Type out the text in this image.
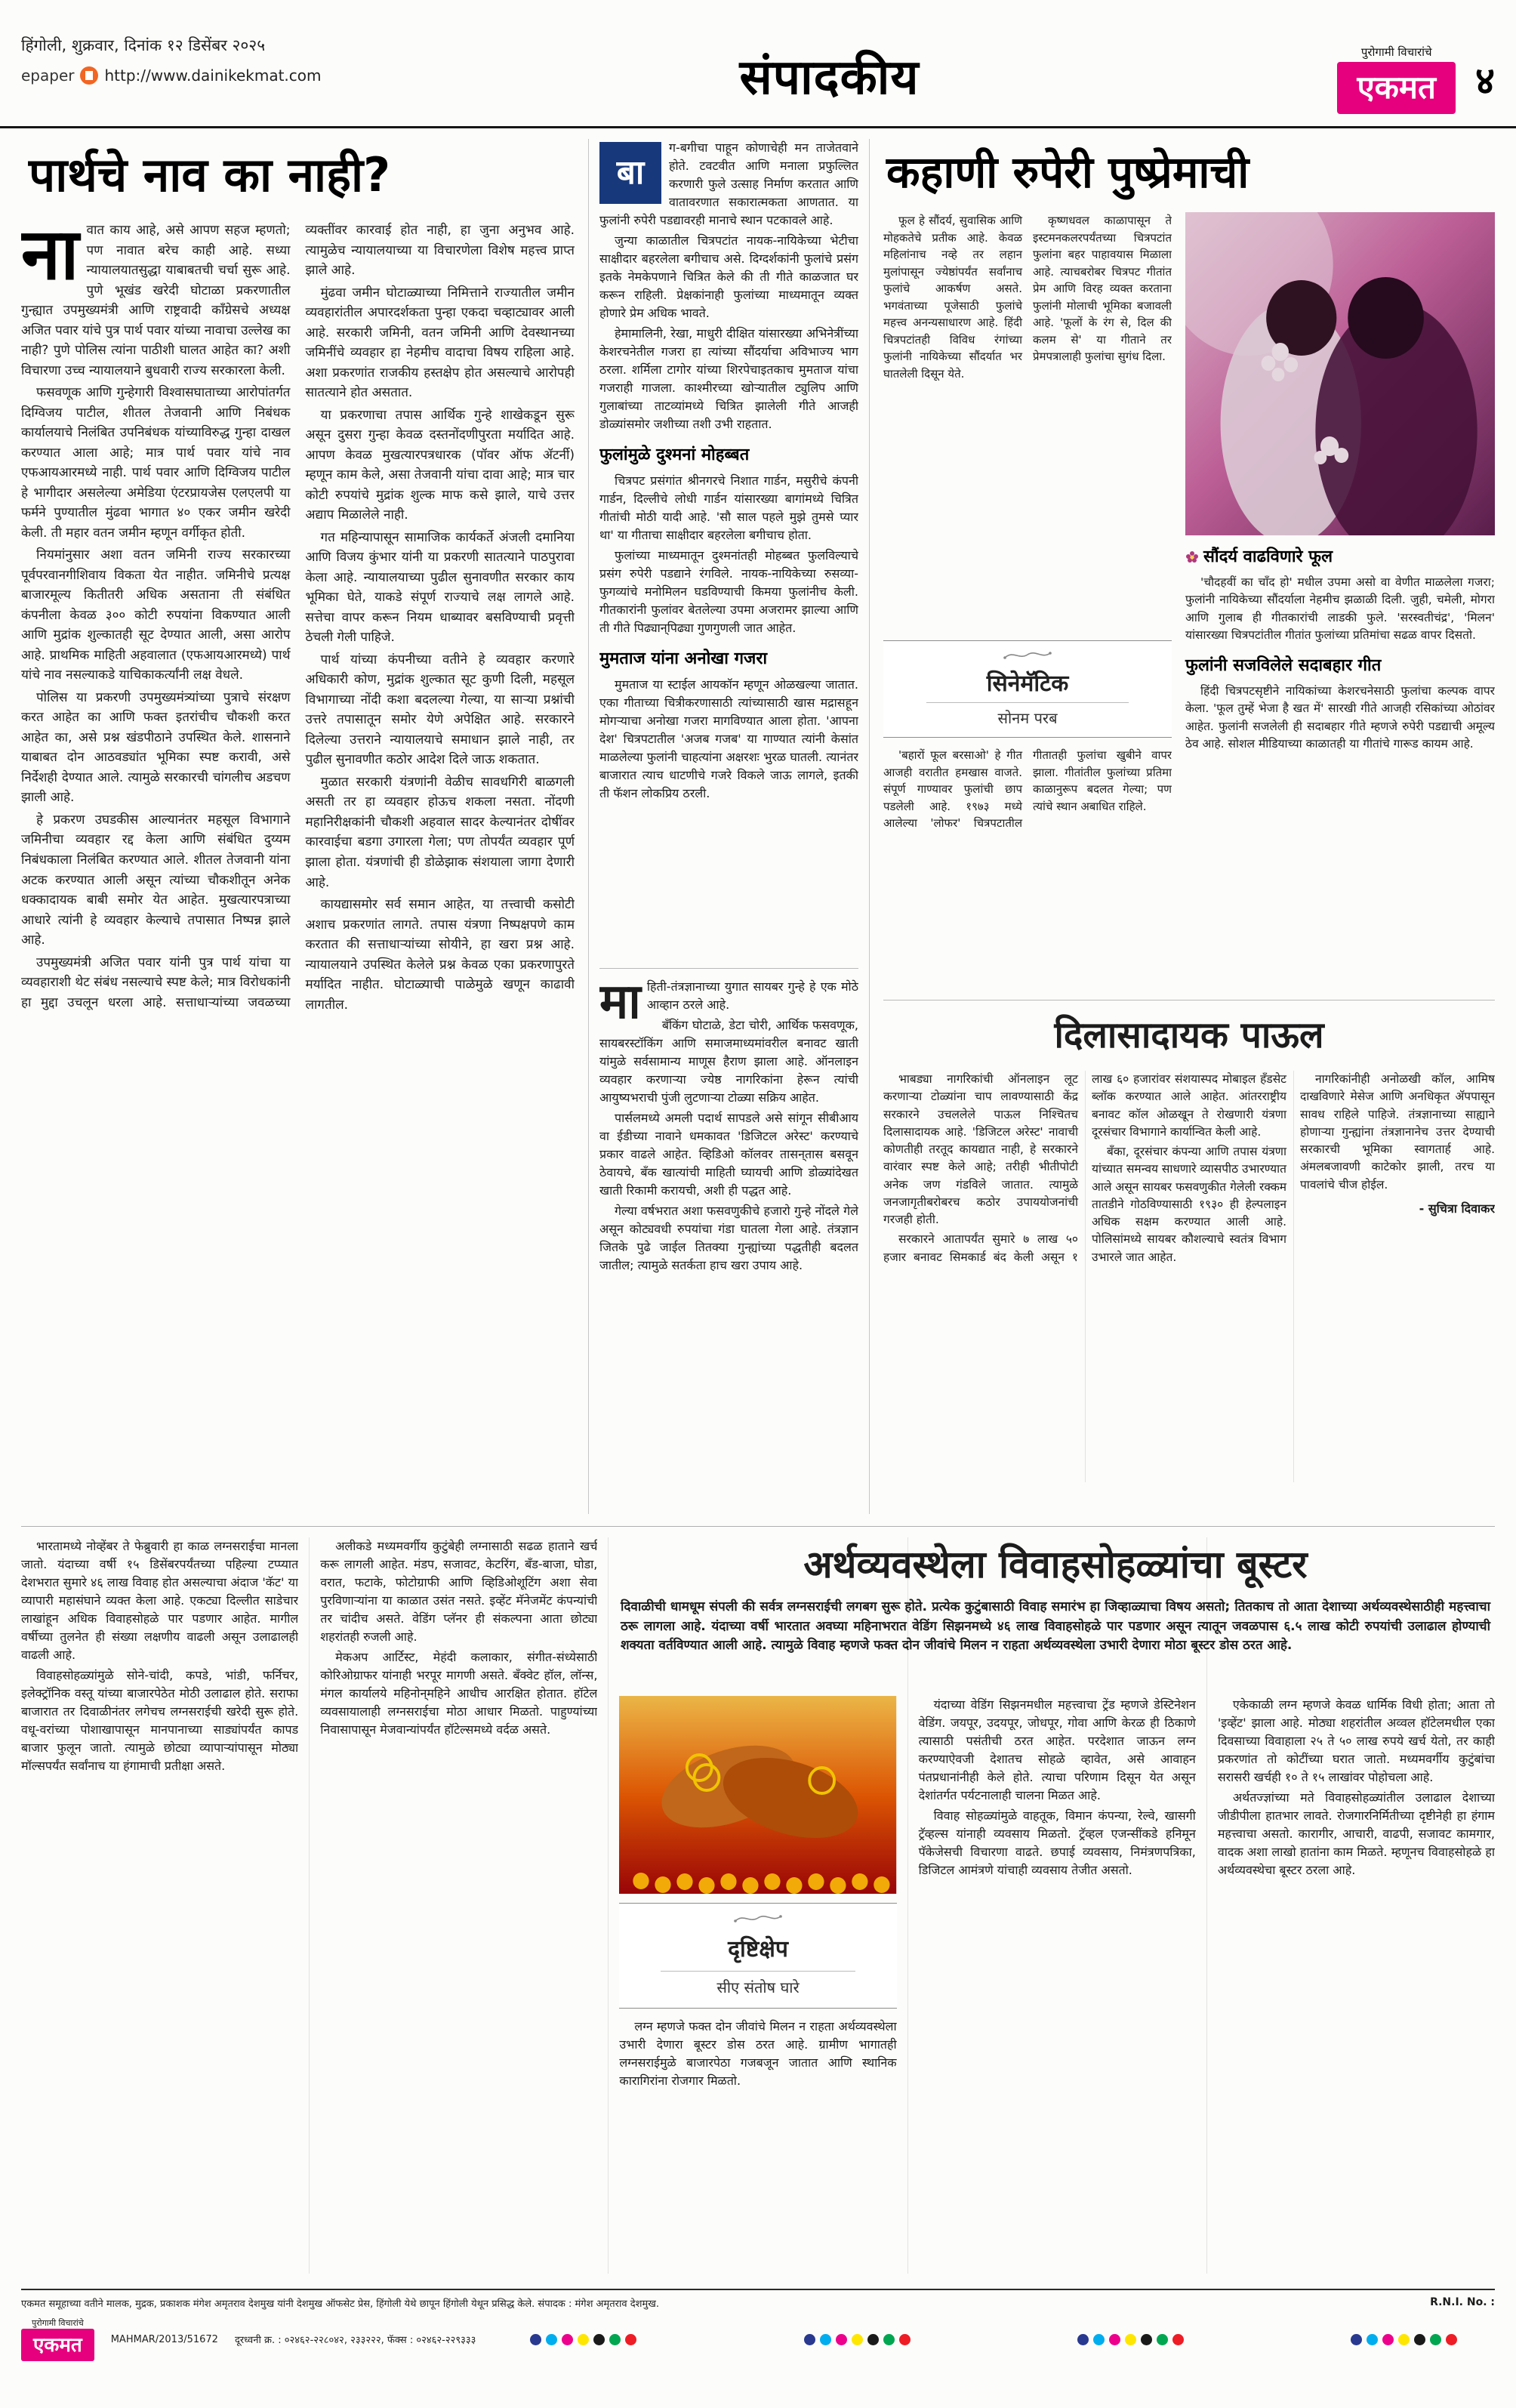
हिंगोली, शुक्रवार, दिनांक १२ डिसेंबर २०२५
epaper http://www.dainikekmat.com	संपादकीय	पुरोगामी विचारांचे
एकमत	४
पार्थचे नाव का नाही?

नावात काय आहे, असे आपण सहज म्हणतो; पण नावात बरेच काही आहे. सध्या न्यायालयातसुद्धा याबाबतची चर्चा सुरू आहे. पुणे भूखंड खरेदी घोटाळा प्रकरणातील गुन्ह्यात उपमुख्यमंत्री आणि राष्ट्रवादी काँग्रेसचे अध्यक्ष अजित पवार यांचे पुत्र पार्थ पवार यांच्या नावाचा उल्लेख का नाही? पुणे पोलिस त्यांना पाठीशी घालत आहेत का? अशी विचारणा उच्च न्यायालयाने बुधवारी राज्य सरकारला केली.

फसवणूक आणि गुन्हेगारी विश्वासघाताच्या आरोपांतर्गत दिग्विजय पाटील, शीतल तेजवानी आणि निबंधक कार्यालयाचे निलंबित उपनिबंधक यांच्याविरुद्ध गुन्हा दाखल करण्यात आला आहे; मात्र पार्थ पवार यांचे नाव एफआयआरमध्ये नाही. पार्थ पवार आणि दिग्विजय पाटील हे भागीदार असलेल्या अमेडिया एंटरप्रायजेस एलएलपी या फर्मने पुण्यातील मुंढवा भागात ४० एकर जमीन खरेदी केली. ती महार वतन जमीन म्हणून वर्गीकृत होती.

नियमांनुसार अशा वतन जमिनी राज्य सरकारच्या पूर्वपरवानगीशिवाय विकता येत नाहीत. जमिनीचे प्रत्यक्ष बाजारमूल्य कितीतरी अधिक असताना ती संबंधित कंपनीला केवळ ३०० कोटी रुपयांना विकण्यात आली आणि मुद्रांक शुल्कातही सूट देण्यात आली, असा आरोप आहे. प्राथमिक माहिती अहवालात (एफआयआरमध्ये) पार्थ यांचे नाव नसल्याकडे याचिकाकर्त्यांनी लक्ष वेधले.

पोलिस या प्रकरणी उपमुख्यमंत्र्यांच्या पुत्राचे संरक्षण करत आहेत का आणि फक्त इतरांचीच चौकशी करत आहेत का, असे प्रश्न खंडपीठाने उपस्थित केले. शासनाने याबाबत दोन आठवड्यांत भूमिका स्पष्ट करावी, असे निर्देशही देण्यात आले. त्यामुळे सरकारची चांगलीच अडचण झाली आहे.

हे प्रकरण उघडकीस आल्यानंतर महसूल विभागाने जमिनीचा व्यवहार रद्द केला आणि संबंधित दुय्यम निबंधकाला निलंबित करण्यात आले. शीतल तेजवानी यांना अटक करण्यात आली असून त्यांच्या चौकशीतून अनेक धक्कादायक बाबी समोर येत आहेत. मुखत्यारपत्राच्या आधारे त्यांनी हे व्यवहार केल्याचे तपासात निष्पन्न झाले आहे.

उपमुख्यमंत्री अजित पवार यांनी पुत्र पार्थ यांचा या व्यवहाराशी थेट संबंध नसल्याचे स्पष्ट केले; मात्र विरोधकांनी हा मुद्दा उचलून धरला आहे. सत्ताधाऱ्यांच्या जवळच्या व्यक्तींवर कारवाई होत नाही, हा जुना अनुभव आहे. त्यामुळेच न्यायालयाच्या या विचारणेला विशेष महत्त्व प्राप्त झाले आहे.

मुंढवा जमीन घोटाळ्याच्या निमित्ताने राज्यातील जमीन व्यवहारांतील अपारदर्शकता पुन्हा एकदा चव्हाट्यावर आली आहे. सरकारी जमिनी, वतन जमिनी आणि देवस्थानच्या जमिनींचे व्यवहार हा नेहमीच वादाचा विषय राहिला आहे. अशा प्रकरणांत राजकीय हस्तक्षेप होत असल्याचे आरोपही सातत्याने होत असतात.

या प्रकरणाचा तपास आर्थिक गुन्हे शाखेकडून सुरू असून दुसरा गुन्हा केवळ दस्तनोंदणीपुरता मर्यादित आहे. आपण केवळ मुखत्यारपत्रधारक (पॉवर ऑफ ॲटर्नी) म्हणून काम केले, असा तेजवानी यांचा दावा आहे; मात्र चार कोटी रुपयांचे मुद्रांक शुल्क माफ कसे झाले, याचे उत्तर अद्याप मिळालेले नाही.

गत महिन्यापासून सामाजिक कार्यकर्ते अंजली दमानिया आणि विजय कुंभार यांनी या प्रकरणी सातत्याने पाठपुरावा केला आहे. न्यायालयाच्या पुढील सुनावणीत सरकार काय भूमिका घेते, याकडे संपूर्ण राज्याचे लक्ष लागले आहे. सत्तेचा वापर करून नियम धाब्यावर बसविण्याची प्रवृत्ती ठेचली गेली पाहिजे.

पार्थ यांच्या कंपनीच्या वतीने हे व्यवहार करणारे अधिकारी कोण, मुद्रांक शुल्कात सूट कुणी दिली, महसूल विभागाच्या नोंदी कशा बदलल्या गेल्या, या साऱ्या प्रश्नांची उत्तरे तपासातून समोर येणे अपेक्षित आहे. सरकारने दिलेल्या उत्तराने न्यायालयाचे समाधान झाले नाही, तर पुढील सुनावणीत कठोर आदेश दिले जाऊ शकतात.

मुळात सरकारी यंत्रणांनी वेळीच सावधगिरी बाळगली असती तर हा व्यवहार होऊच शकला नसता. नोंदणी महानिरीक्षकांनी चौकशी अहवाल सादर केल्यानंतर दोषींवर कारवाईचा बडगा उगारला गेला; पण तोपर्यंत व्यवहार पूर्ण झाला होता. यंत्रणांची ही डोळेझाक संशयाला जागा देणारी आहे.

कायद्यासमोर सर्व समान आहेत, या तत्त्वाची कसोटी अशाच प्रकरणांत लागते. तपास यंत्रणा निष्पक्षपणे काम करतात की सत्ताधाऱ्यांच्या सोयीने, हा खरा प्रश्न आहे. न्यायालयाने उपस्थित केलेले प्रश्न केवळ एका प्रकरणापुरते मर्यादित नाहीत. घोटाळ्याची पाळेमुळे खणून काढावी लागतील.

बा
ग-बगीचा पाहून कोणाचेही मन ताजेतवाने होते. टवटवीत आणि मनाला प्रफुल्लित करणारी फुले उत्साह निर्माण करतात आणि वातावरणात सकारात्मकता आणतात. या फुलांनी रुपेरी पडद्यावरही मानाचे स्थान पटकावले आहे.

जुन्या काळातील चित्रपटांत नायक-नायिकेच्या भेटीचा साक्षीदार बहरलेला बगीचाच असे. दिग्दर्शकांनी फुलांचे प्रसंग इतके नेमकेपणाने चित्रित केले की ती गीते काळजात घर करून राहिली. प्रेक्षकांनाही फुलांच्या माध्यमातून व्यक्त होणारे प्रेम अधिक भावते.

हेमामालिनी, रेखा, माधुरी दीक्षित यांसारख्या अभिनेत्रींच्या केशरचनेतील गजरा हा त्यांच्या सौंदर्याचा अविभाज्य भाग ठरला. शर्मिला टागोर यांच्या शिरपेचाइतकाच मुमताज यांचा गजराही गाजला. काश्मीरच्या खोऱ्यातील ट्युलिप आणि गुलाबांच्या ताटव्यांमध्ये चित्रित झालेली गीते आजही डोळ्यांसमोर जशीच्या तशी उभी राहतात.

फुलांमुळे दुश्मनां मोहब्बत

चित्रपट प्रसंगांत श्रीनगरचे निशात गार्डन, मसुरीचे कंपनी गार्डन, दिल्लीचे लोधी गार्डन यांसारख्या बागांमध्ये चित्रित गीतांची मोठी यादी आहे. 'सौ साल पहले मुझे तुमसे प्यार था' या गीताचा साक्षीदार बहरलेला बगीचाच होता.

फुलांच्या माध्यमातून दुश्मनांतही मोहब्बत फुलविल्याचे प्रसंग रुपेरी पडद्याने रंगविले. नायक-नायिकेच्या रुसव्या-फुगव्यांचे मनोमिलन घडविण्याची किमया फुलांनीच केली. गीतकारांनी फुलांवर बेतलेल्या उपमा अजरामर झाल्या आणि ती गीते पिढ्यान्‌पिढ्या गुणगुणली जात आहेत.

मुमताज यांना अनोखा गजरा

मुमताज या स्टाईल आयकॉन म्हणून ओळखल्या जातात. एका गीताच्या चित्रीकरणासाठी त्यांच्यासाठी खास मद्रासहून मोगऱ्याचा अनोखा गजरा मागविण्यात आला होता. 'आपना देश' चित्रपटातील 'अजब गजब' या गाण्यात त्यांनी केसांत माळलेल्या फुलांनी चाहत्यांना अक्षरशः भुरळ घातली. त्यानंतर बाजारात त्याच धाटणीचे गजरे विकले जाऊ लागले, इतकी ती फॅशन लोकप्रिय ठरली.

माहिती-तंत्रज्ञानाच्या युगात सायबर गुन्हे हे एक मोठे आव्हान ठरले आहे.

बँकिंग घोटाळे, डेटा चोरी, आर्थिक फसवणूक, सायबरस्टॉकिंग आणि समाजमाध्यमांवरील बनावट खाती यांमुळे सर्वसामान्य माणूस हैराण झाला आहे. ऑनलाइन व्यवहार करणाऱ्या ज्येष्ठ नागरिकांना हेरून त्यांची आयुष्यभराची पुंजी लुटणाऱ्या टोळ्या सक्रिय आहेत.

पार्सलमध्ये अमली पदार्थ सापडले असे सांगून सीबीआय वा ईडीच्या नावाने धमकावत 'डिजिटल अरेस्ट' करण्याचे प्रकार वाढले आहेत. व्हिडिओ कॉलवर तासन्‌तास बसवून ठेवायचे, बँक खात्यांची माहिती घ्यायची आणि डोळ्यांदेखत खाती रिकामी करायची, अशी ही पद्धत आहे.

गेल्या वर्षभरात अशा फसवणुकीचे हजारो गुन्हे नोंदले गेले असून कोट्यवधी रुपयांचा गंडा घातला गेला आहे. तंत्रज्ञान जितके पुढे जाईल तितक्या गुन्ह्यांच्या पद्धतीही बदलत जातील; त्यामुळे सतर्कता हाच खरा उपाय आहे.

कहाणी रुपेरी पुष्प्रेमाची

फूल हे सौंदर्य, सुवासिक आणि मोहकतेचे प्रतीक आहे. केवळ महिलांनाच नव्हे तर लहान मुलांपासून ज्येष्ठांपर्यंत सर्वांनाच फुलांचे आकर्षण असते. भगवंताच्या पूजेसाठी फुलांचे महत्त्व अनन्यसाधारण आहे. हिंदी चित्रपटांतही विविध रंगांच्या फुलांनी नायिकेच्या सौंदर्यात भर घातलेली दिसून येते.

कृष्णधवल काळापासून ते इस्टमनकलरपर्यंतच्या चित्रपटांत फुलांना बहर पाहावयास मिळाला आहे. त्याचबरोबर चित्रपट गीतांत प्रेम आणि विरह व्यक्त करताना फुलांनी मोलाची भूमिका बजावली आहे. 'फूलों के रंग से, दिल की कलम से' या गीताने तर प्रेमपत्रालाही फुलांचा सुगंध दिला.

सिनेमॅटिक
सोनम परब

'बहारों फूल बरसाओ' हे गीत आजही वरातीत हमखास वाजते. संपूर्ण गाण्यावर फुलांची छाप पडलेली आहे. १९७३ मध्ये आलेल्या 'लोफर' चित्रपटातील गीतातही फुलांचा खुबीने वापर झाला. गीतांतील फुलांच्या प्रतिमा काळानुरूप बदलत गेल्या; पण त्यांचे स्थान अबाधित राहिले.

सौंदर्य वाढविणारे फूल

'चौदहवीं का चाँद हो' मधील उपमा असो वा वेणीत माळलेला गजरा; फुलांनी नायिकेच्या सौंदर्याला नेहमीच झळाळी दिली. जुही, चमेली, मोगरा आणि गुलाब ही गीतकारांची लाडकी फुले. 'सरस्वतीचंद्र', 'मिलन' यांसारख्या चित्रपटांतील गीतांत फुलांच्या प्रतिमांचा सढळ वापर दिसतो.

फुलांनी सजविलेले सदाबहार गीत

हिंदी चित्रपटसृष्टीने नायिकांच्या केशरचनेसाठी फुलांचा कल्पक वापर केला. 'फूल तुम्हें भेजा है खत में' सारखी गीते आजही रसिकांच्या ओठांवर आहेत. फुलांनी सजलेली ही सदाबहार गीते म्हणजे रुपेरी पडद्याची अमूल्य ठेव आहे. सोशल मीडियाच्या काळातही या गीतांचे गारूड कायम आहे.

दिलासादायक पाऊल

भाबड्या नागरिकांची ऑनलाइन लूट करणाऱ्या टोळ्यांना चाप लावण्यासाठी केंद्र सरकारने उचललेले पाऊल निश्चितच दिलासादायक आहे. 'डिजिटल अरेस्ट' नावाची कोणतीही तरतूद कायद्यात नाही, हे सरकारने वारंवार स्पष्ट केले आहे; तरीही भीतीपोटी अनेक जण गंडविले जातात. त्यामुळे जनजागृतीबरोबरच कठोर उपाययोजनांची गरजही होती.

सरकारने आतापर्यंत सुमारे ७ लाख ५० हजार बनावट सिमकार्ड बंद केली असून १ लाख ६० हजारांवर संशयास्पद मोबाइल हँडसेट ब्लॉक करण्यात आले आहेत. आंतरराष्ट्रीय बनावट कॉल ओळखून ते रोखणारी यंत्रणा दूरसंचार विभागाने कार्यान्वित केली आहे.

बँका, दूरसंचार कंपन्या आणि तपास यंत्रणा यांच्यात समन्वय साधणारे व्यासपीठ उभारण्यात आले असून सायबर फसवणुकीत गेलेली रक्कम तातडीने गोठविण्यासाठी १९३० ही हेल्पलाइन अधिक सक्षम करण्यात आली आहे. पोलिसांमध्ये सायबर कौशल्याचे स्वतंत्र विभाग उभारले जात आहेत.

नागरिकांनीही अनोळखी कॉल, आमिष दाखविणारे मेसेज आणि अनधिकृत ॲपपासून सावध राहिले पाहिजे. तंत्रज्ञानाच्या साह्याने होणाऱ्या गुन्ह्यांना तंत्रज्ञानानेच उत्तर देण्याची सरकारची भूमिका स्वागतार्ह आहे. अंमलबजावणी काटेकोर झाली, तरच या पावलांचे चीज होईल.

- सुचित्रा दिवाकर

अर्थव्यवस्थेला विवाहसोहळ्यांचा बूस्टर

दिवाळीची धामधूम संपली की सर्वत्र लग्नसराईची लगबग सुरू होते. प्रत्येक कुटुंबासाठी विवाह समारंभ हा जिव्हाळ्याचा विषय असतो; तितकाच तो आता देशाच्या अर्थव्यवस्थेसाठीही महत्त्वाचा ठरू लागला आहे. यंदाच्या वर्षी भारतात अवघ्या महिनाभरात वेडिंग सिझनमध्ये ४६ लाख विवाहसोहळे पार पडणार असून त्यातून जवळपास ६.५ लाख कोटी रुपयांची उलाढाल होण्याची शक्यता वर्तविण्यात आली आहे. त्यामुळे विवाह म्हणजे फक्त दोन जीवांचे मिलन न राहता अर्थव्यवस्थेला उभारी देणारा मोठा बूस्टर डोस ठरत आहे.

भारतामध्ये नोव्हेंबर ते फेब्रुवारी हा काळ लग्नसराईचा मानला जातो. यंदाच्या वर्षी १५ डिसेंबरपर्यंतच्या पहिल्या टप्प्यात देशभरात सुमारे ४६ लाख विवाह होत असल्याचा अंदाज 'कॅट' या व्यापारी महासंघाने व्यक्त केला आहे. एकट्या दिल्लीत साडेचार लाखांहून अधिक विवाहसोहळे पार पडणार आहेत. मागील वर्षीच्या तुलनेत ही संख्या लक्षणीय वाढली असून उलाढालही वाढली आहे.

विवाहसोहळ्यांमुळे सोने-चांदी, कपडे, भांडी, फर्निचर, इलेक्ट्रॉनिक वस्तू यांच्या बाजारपेठेत मोठी उलाढाल होते. सराफा बाजारात तर दिवाळीनंतर लगेचच लग्नसराईची खरेदी सुरू होते. वधू-वरांच्या पोशाखापासून मानपानाच्या साड्यांपर्यंत कापड बाजार फुलून जातो. त्यामुळे छोट्या व्यापाऱ्यांपासून मोठ्या मॉल्सपर्यंत सर्वांनाच या हंगामाची प्रतीक्षा असते.

अलीकडे मध्यमवर्गीय कुटुंबेही लग्नासाठी सढळ हाताने खर्च करू लागली आहेत. मंडप, सजावट, केटरिंग, बँड-बाजा, घोडा, वरात, फटाके, फोटोग्राफी आणि व्हिडिओशूटिंग अशा सेवा पुरविणाऱ्यांना या काळात उसंत नसते. इव्हेंट मॅनेजमेंट कंपन्यांची तर चांदीच असते. वेडिंग प्लॅनर ही संकल्पना आता छोट्या शहरांतही रुजली आहे.

मेकअप आर्टिस्ट, मेहंदी कलाकार, संगीत-संध्येसाठी कोरिओग्राफर यांनाही भरपूर मागणी असते. बँक्वेट हॉल, लॉन्स, मंगल कार्यालये महिनोन्‌महिने आधीच आरक्षित होतात. हॉटेल व्यवसायालाही लग्नसराईचा मोठा आधार मिळतो. पाहुण्यांच्या निवासापासून मेजवान्यांपर्यंत हॉटेल्समध्ये वर्दळ असते.

दृष्टिक्षेप
सीए संतोष घारे

लग्न म्हणजे फक्त दोन जीवांचे मिलन न राहता अर्थव्यवस्थेला उभारी देणारा बूस्टर डोस ठरत आहे. ग्रामीण भागातही लग्नसराईमुळे बाजारपेठा गजबजून जातात आणि स्थानिक कारागिरांना रोजगार मिळतो.

यंदाच्या वेडिंग सिझनमधील महत्त्वाचा ट्रेंड म्हणजे डेस्टिनेशन वेडिंग. जयपूर, उदयपूर, जोधपूर, गोवा आणि केरळ ही ठिकाणे त्यासाठी पसंतीची ठरत आहेत. परदेशात जाऊन लग्न करण्याऐवजी देशातच सोहळे व्हावेत, असे आवाहन पंतप्रधानांनीही केले होते. त्याचा परिणाम दिसून येत असून देशांतर्गत पर्यटनालाही चालना मिळत आहे.

विवाह सोहळ्यांमुळे वाहतूक, विमान कंपन्या, रेल्वे, खासगी ट्रॅव्हल्स यांनाही व्यवसाय मिळतो. ट्रॅव्हल एजन्सींकडे हनिमून पॅकेजेसची विचारणा वाढते. छपाई व्यवसाय, निमंत्रणपत्रिका, डिजिटल आमंत्रणे यांचाही व्यवसाय तेजीत असतो.

एकेकाळी लग्न म्हणजे केवळ धार्मिक विधी होता; आता तो 'इव्हेंट' झाला आहे. मोठ्या शहरांतील अव्वल हॉटेलमधील एका दिवसाच्या विवाहाला २५ ते ५० लाख रुपये खर्च येतो, तर काही प्रकरणांत तो कोटींच्या घरात जातो. मध्यमवर्गीय कुटुंबांचा सरासरी खर्चही १० ते १५ लाखांवर पोहोचला आहे.

अर्थतज्ज्ञांच्या मते विवाहसोहळ्यांतील उलाढाल देशाच्या जीडीपीला हातभार लावते. रोजगारनिर्मितीच्या दृष्टीनेही हा हंगाम महत्त्वाचा असतो. कारागीर, आचारी, वाढपी, सजावट कामगार, वादक अशा लाखो हातांना काम मिळते. म्हणूनच विवाहसोहळे हा अर्थव्यवस्थेचा बूस्टर ठरला आहे.

एकमत समूहाच्या वतीने मालक, मुद्रक, प्रकाशक मंगेश अमृतराव देशमुख यांनी देशमुख ऑफसेट प्रेस, हिंगोली येथे छापून हिंगोली येथून प्रसिद्ध केले. संपादक : मंगेश अमृतराव देशमुख.	R.N.I. No. :
पुरोगामी विचारांचे
एकमत	MAHMAR/2013/51672 दूरध्वनी क्र. : ०२४६२-२२८०४२, २३३२२२, फॅक्स : ०२४६२-२२९३३३
